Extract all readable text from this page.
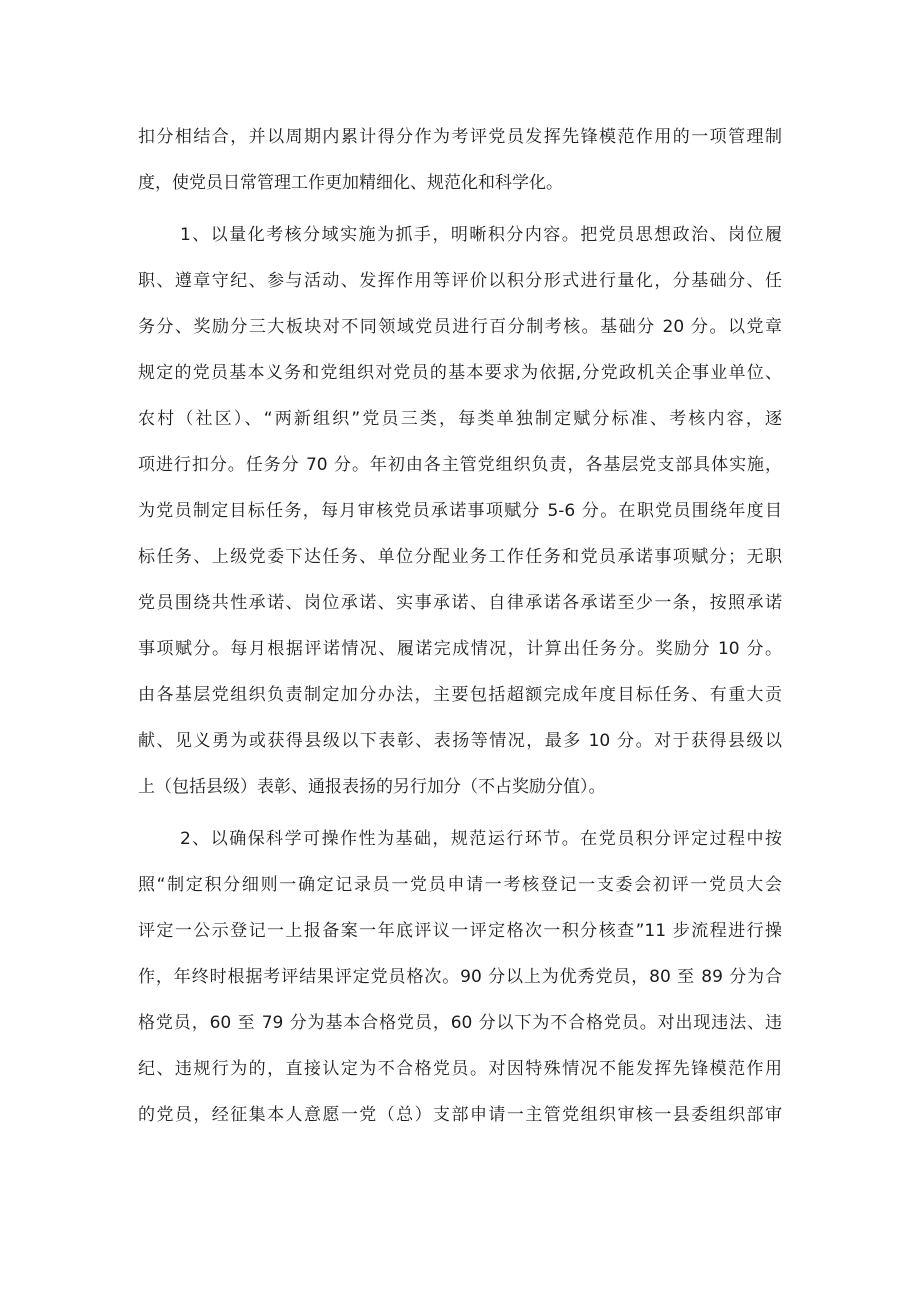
扣分相结合，并以周期内累计得分作为考评党员发挥先锋模范作用的一项管理制

度，使党员日常管理工作更加精细化、规范化和科学化。

1、以量化考核分域实施为抓手，明晰积分内容。把党员思想政治、岗位履

职、遵章守纪、参与活动、发挥作用等评价以积分形式进行量化，分基础分、任

务分、奖励分三大板块对不同领域党员进行百分制考核。基础分 20 分。以党章

规定的党员基本义务和党组织对党员的基本要求为依据,分党政机关企事业单位、

农村（社区）、“两新组织”党员三类，每类单独制定赋分标准、考核内容，逐

项进行扣分。任务分 70 分。年初由各主管党组织负责，各基层党支部具体实施，

为党员制定目标任务，每月审核党员承诺事项赋分 5-6 分。在职党员围绕年度目

标任务、上级党委下达任务、单位分配业务工作任务和党员承诺事项赋分；无职

党员围绕共性承诺、岗位承诺、实事承诺、自律承诺各承诺至少一条，按照承诺

事项赋分。每月根据评诺情况、履诺完成情况，计算出任务分。奖励分 10 分。

由各基层党组织负责制定加分办法，主要包括超额完成年度目标任务、有重大贡

献、见义勇为或获得县级以下表彰、表扬等情况，最多 10 分。对于获得县级以

上（包括县级）表彰、通报表扬的另行加分（不占奖励分值）。

2、以确保科学可操作性为基础，规范运行环节。在党员积分评定过程中按

照“制定积分细则一确定记录员一党员申请一考核登记一支委会初评一党员大会

评定一公示登记一上报备案一年底评议一评定格次一积分核查”11 步流程进行操

作，年终时根据考评结果评定党员格次。90 分以上为优秀党员，80 至 89 分为合

格党员，60 至 79 分为基本合格党员，60 分以下为不合格党员。对出现违法、违

纪、违规行为的，直接认定为不合格党员。对因特殊情况不能发挥先锋模范作用

的党员，经征集本人意愿一党（总）支部申请一主管党组织审核一县委组织部审
